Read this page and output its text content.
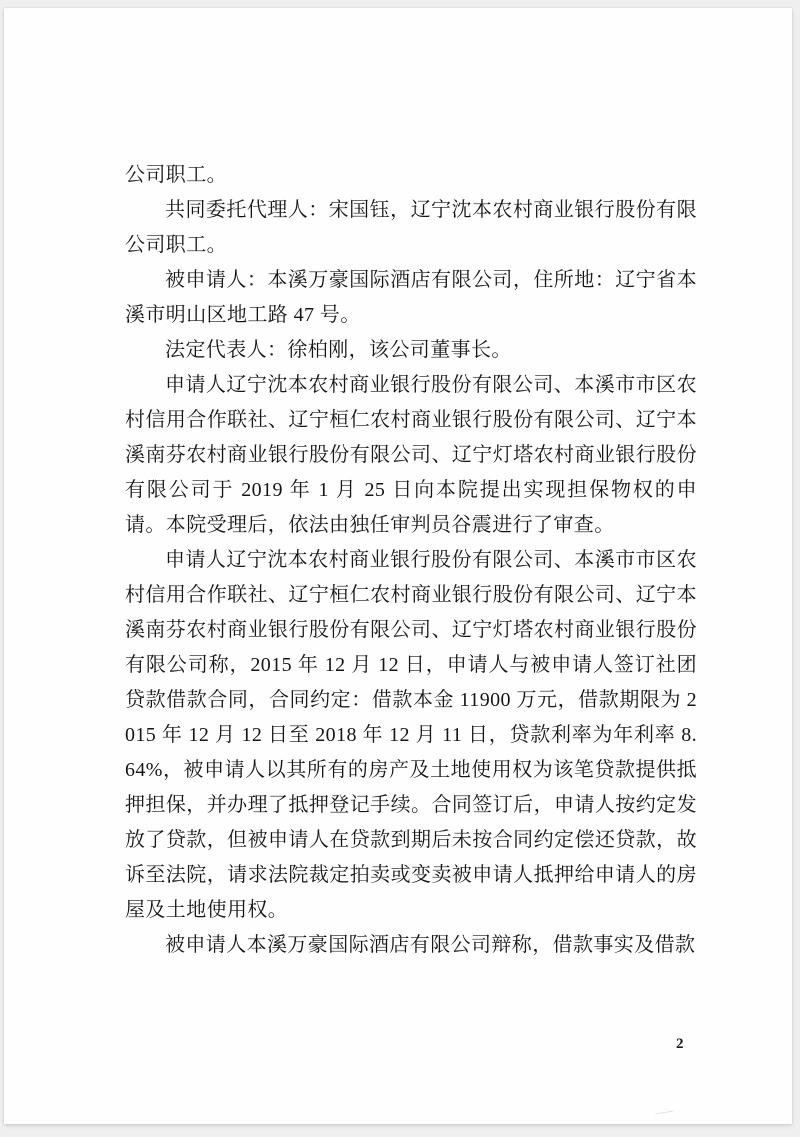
公司职工。

共同委托代理人：宋国钰，辽宁沈本农村商业银行股份有限公司职工。

被申请人：本溪万豪国际酒店有限公司，住所地：辽宁省本溪市明山区地工路 47 号。

法定代表人：徐柏刚，该公司董事长。

申请人辽宁沈本农村商业银行股份有限公司、本溪市市区农村信用合作联社、辽宁桓仁农村商业银行股份有限公司、辽宁本溪南芬农村商业银行股份有限公司、辽宁灯塔农村商业银行股份有限公司于 2019 年 1 月 25 日向本院提出实现担保物权的申请。本院受理后，依法由独任审判员谷震进行了审查。

申请人辽宁沈本农村商业银行股份有限公司、本溪市市区农村信用合作联社、辽宁桓仁农村商业银行股份有限公司、辽宁本溪南芬农村商业银行股份有限公司、辽宁灯塔农村商业银行股份有限公司称，2015 年 12 月 12 日，申请人与被申请人签订社团贷款借款合同，合同约定：借款本金 11900 万元，借款期限为 2015 年 12 月 12 日至 2018 年 12 月 11 日，贷款利率为年利率 8.64%，被申请人以其所有的房产及土地使用权为该笔贷款提供抵押担保，并办理了抵押登记手续。合同签订后，申请人按约定发放了贷款，但被申请人在贷款到期后未按合同约定偿还贷款，故诉至法院，请求法院裁定拍卖或变卖被申请人抵押给申请人的房屋及土地使用权。

被申请人本溪万豪国际酒店有限公司辩称，借款事实及借款

2
